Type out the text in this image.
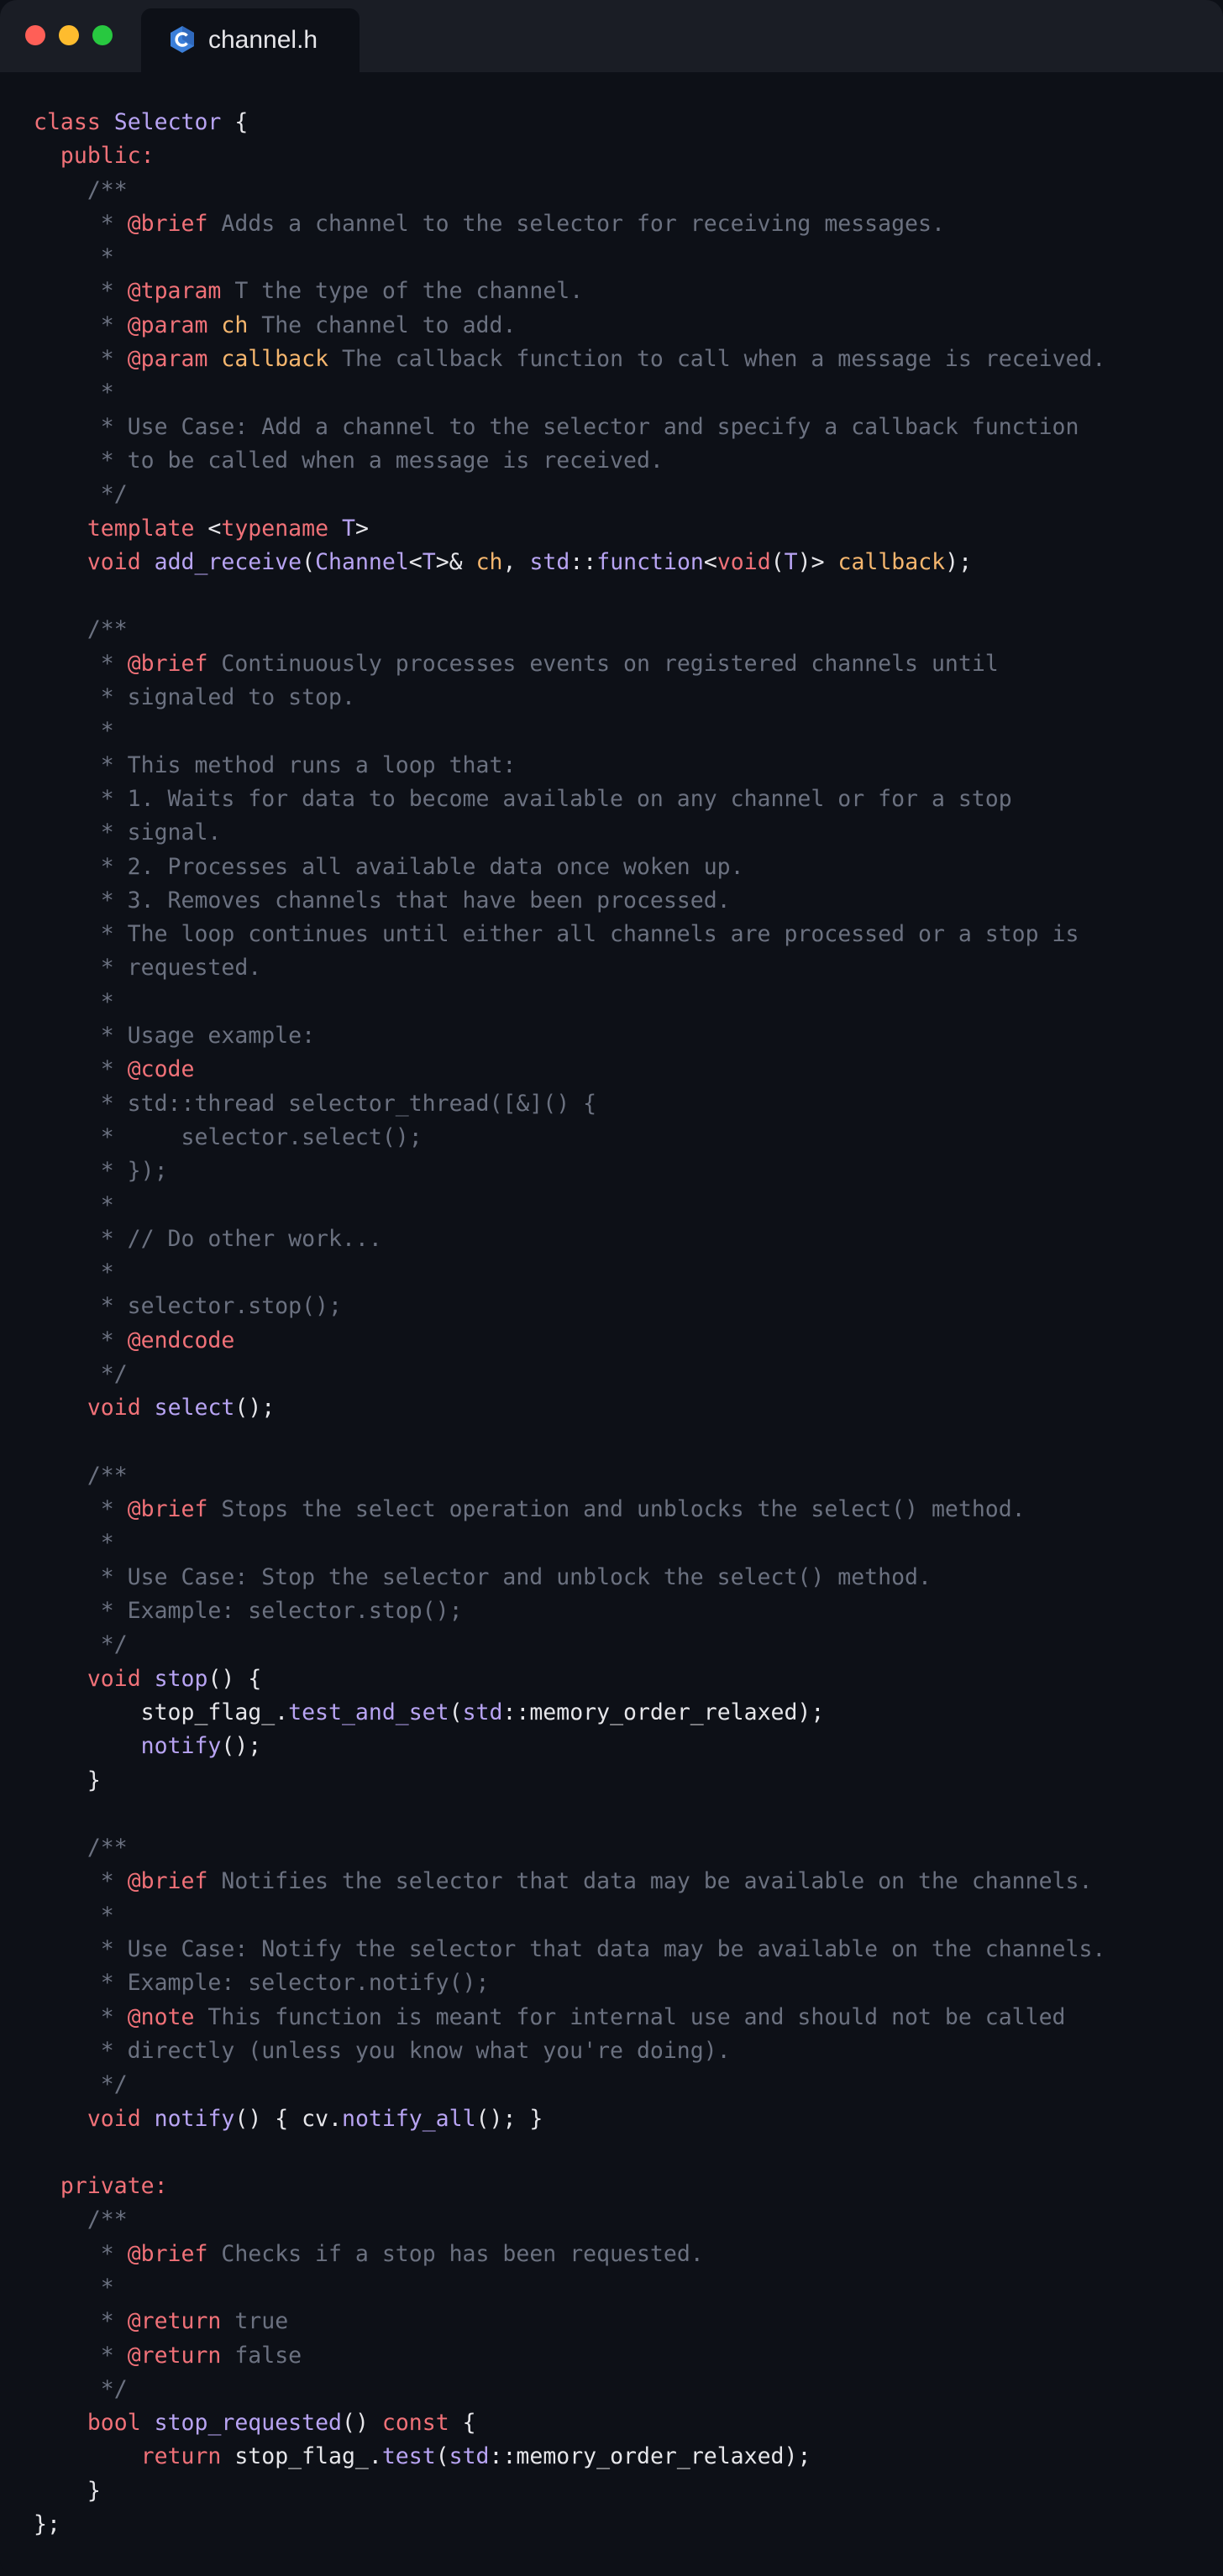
channel.h
class Selector {
public:
/**
* @brief Adds a channel to the selector for receiving messages.
*
* @tparam T the type of the channel.
* @param ch The channel to add.
* @param callback The callback function to call when a message is received.
*
* Use Case: Add a channel to the selector and specify a callback function
* to be called when a message is received.
*/
template <typename T>
void add_receive(Channel<T>& ch, std::function<void(T)> callback);
/**
* @brief Continuously processes events on registered channels until
* signaled to stop.
*
* This method runs a loop that:
* 1. Waits for data to become available on any channel or for a stop
* signal.
* 2. Processes all available data once woken up.
* 3. Removes channels that have been processed.
* The loop continues until either all channels are processed or a stop is
* requested.
*
* Usage example:
* @code
* std::thread selector_thread([&]() {
*     selector.select();
* });
*
* // Do other work...
*
* selector.stop();
* @endcode
*/
void select();
/**
* @brief Stops the select operation and unblocks the select() method.
*
* Use Case: Stop the selector and unblock the select() method.
* Example: selector.stop();
*/
void stop() {
stop_flag_.test_and_set(std::memory_order_relaxed);
notify();
}
/**
* @brief Notifies the selector that data may be available on the channels.
*
* Use Case: Notify the selector that data may be available on the channels.
* Example: selector.notify();
* @note This function is meant for internal use and should not be called
* directly (unless you know what you're doing).
*/
void notify() { cv.notify_all(); }
private:
/**
* @brief Checks if a stop has been requested.
*
* @return true
* @return false
*/
bool stop_requested() const {
return stop_flag_.test(std::memory_order_relaxed);
}
};
